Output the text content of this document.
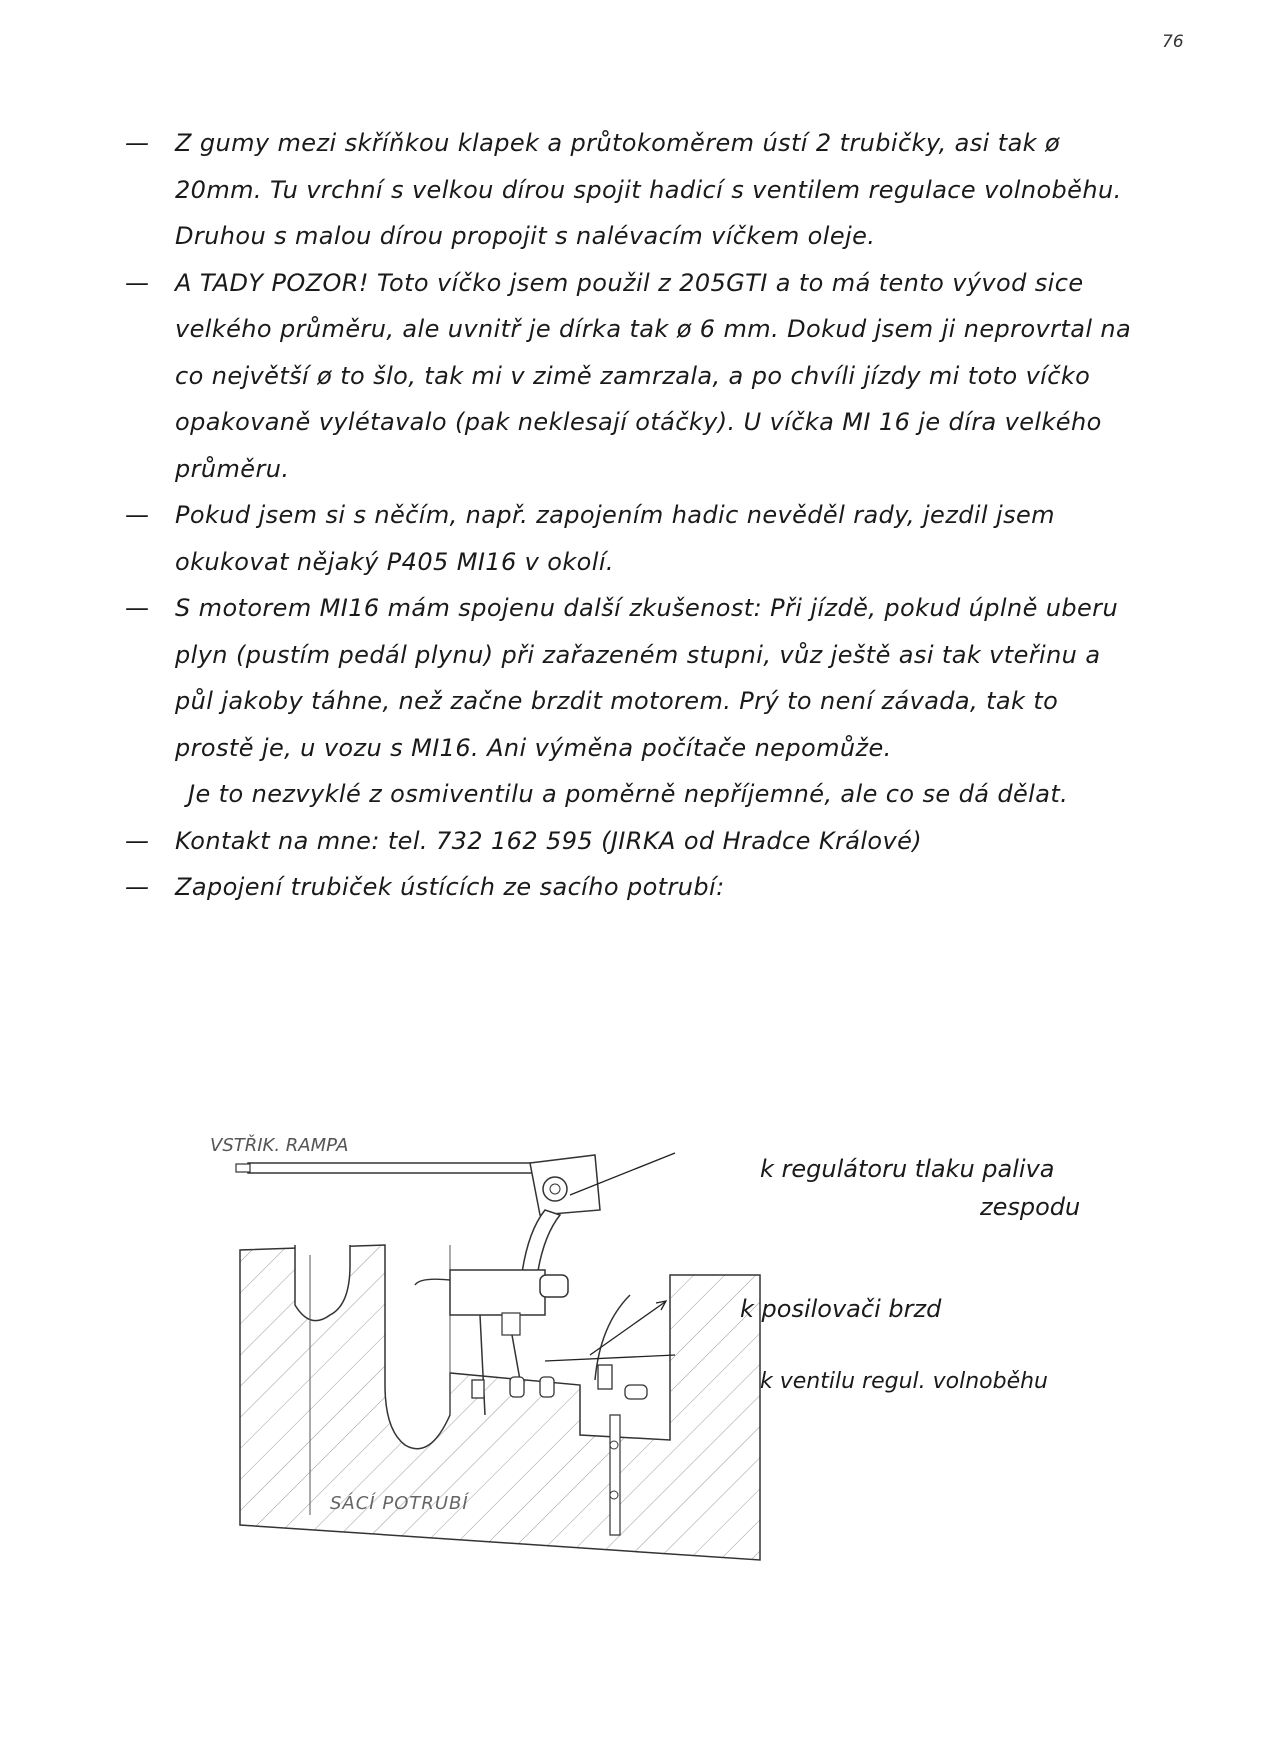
76

—	Z gumy mezi skříňkou klapek a průtokoměrem ústí 2 trubičky, asi tak ø 20mm. Tu vrchní s velkou dírou spojit hadicí s ventilem regulace volnoběhu. Druhou s malou dírou propojit s nalévacím víčkem oleje.

—	A TADY POZOR! Toto víčko jsem použil z 205GTI a to má tento vývod sice velkého průměru, ale uvnitř je dírka tak ø 6 mm. Dokud jsem ji neprovrtal na co největší ø to šlo, tak mi v zimě zamrzala, a po chvíli jízdy mi toto víčko opakovaně vylétavalo (pak neklesají otáčky). U víčka MI 16 je díra velkého průměru.

—	Pokud jsem si s něčím, např. zapojením hadic nevěděl rady, jezdil jsem okukovat nějaký P405 MI16 v okolí.

—	S motorem MI16 mám spojenu další zkušenost: Při jízdě, pokud úplně uberu plyn (pustím pedál plynu) při zařazeném stupni, vůz ještě asi tak vteřinu a půl jakoby táhne, než začne brzdit motorem. Prý to není závada, tak to prostě je, u vozu s MI16. Ani výměna počítače nepomůže.

Je to nezvyklé z osmiventilu a poměrně nepříjemné, ale co se dá dělat.

—	Kontakt na mne: tel. 732 162 595 (JIRKA od Hradce Králové)

—	Zapojení trubiček ústících ze sacího potrubí:

VSTŘIK. RAMPA
k regulátoru tlaku paliva
zespodu
k posilovači brzd
k ventilu regul. volnoběhu
SÁCÍ POTRUBÍ
